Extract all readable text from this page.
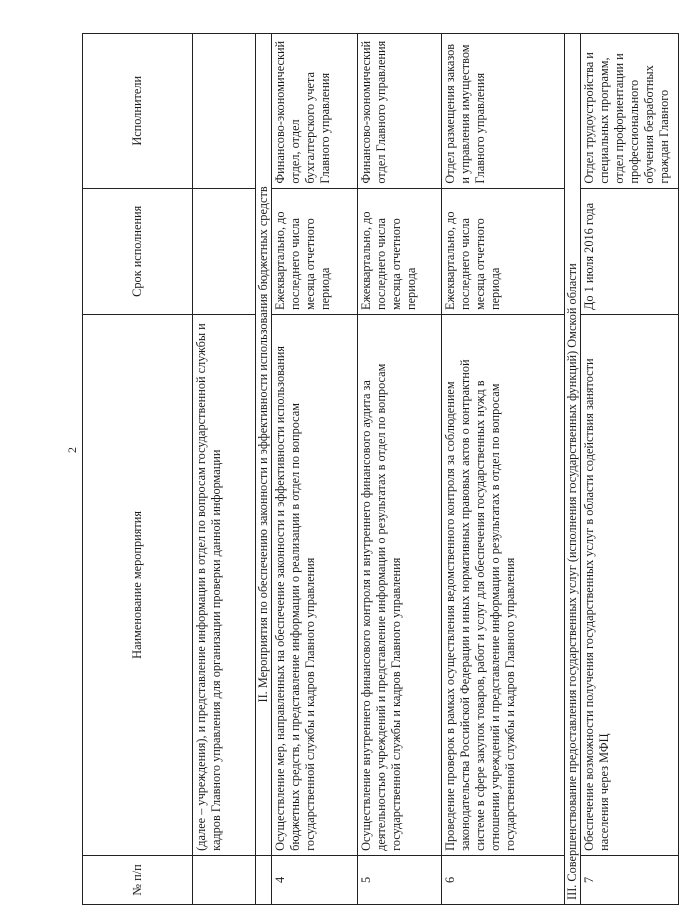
2
№ п/п	Наименование мероприятия	Срок исполнения	Исполнители
	(далее – учреждения), и представление информации в отдел по вопросам государственной службы и кадров Главного управления для организации проверки данной информации		
	II. Мероприятия по обеспечению законности и эффективности использования бюджетных средств		
4	Осуществление мер, направленных на обеспечение законности и эффективности использования бюджетных средств, и представление информации о реализации в отдел по вопросам государственной службы и кадров Главного управления	Ежеквартально, до последнего числа месяца отчетного периода	Финансово-экономический отдел, отдел бухгалтерского учета Главного управления
5	Осуществление внутреннего финансового контроля и внутреннего финансового аудита за деятельностью учреждений и представление информации о результатах в отдел по вопросам государственной службы и кадров Главного управления	Ежеквартально, до последнего числа месяца отчетного периода	Финансово-экономический отдел Главного управления
6	Проведение проверок в рамках осуществления ведомственного контроля за соблюдением законодательства Российской Федерации и иных нормативных правовых актов о контрактной системе в сфере закупок товаров, работ и услуг для обеспечения государственных нужд в отношении учреждений и представление информации о результатах в отдел по вопросам государственной службы и кадров Главного управления	Ежеквартально, до последнего числа месяца отчетного периода	Отдел размещения заказов и управления имуществом Главного управления
III. Совершенствование предоставления государственных услуг (исполнения государственных функций) Омской области			
7	Обеспечение возможности получения государственных услуг в области содействия занятости населения через МФЦ	До 1 июля 2016 года	Отдел трудоустройства и специальных программ, отдел профориентации и профессионального обучения безработных граждан Главного
